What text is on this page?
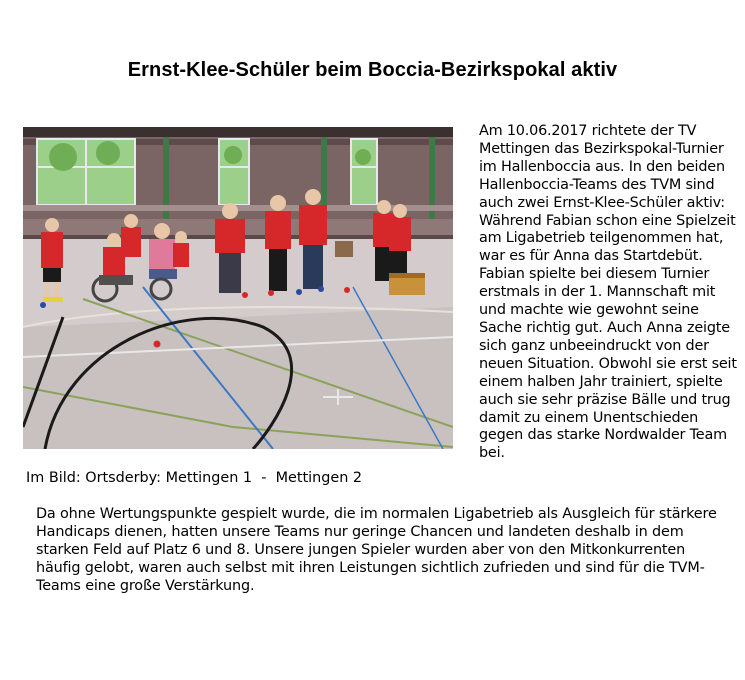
Ernst-Klee-Schüler beim Boccia-Bezirkspokal aktiv
Am 10.06.2017 richtete der TV Mettingen das Bezirkspokal-Turnier im Hallenboccia aus. In den beiden Hallenboccia-Teams des TVM sind auch zwei Ernst-Klee-Schüler aktiv: Während Fabian schon eine Spielzeit am Ligabetrieb teilgenommen hat, war es für Anna das Startdebüt. Fabian spielte bei diesem Turnier erstmals in der 1. Mannschaft mit und machte wie gewohnt seine Sache richtig gut. Auch Anna zeigte sich ganz unbeeindruckt von der neuen Situation. Obwohl sie erst seit einem halben Jahr trainiert, spielte auch sie sehr präzise Bälle und trug damit zu einem Unentschieden gegen das starke Nordwalder Team bei.
Im Bild: Ortsderby: Mettingen 1  -  Mettingen 2
Da ohne Wertungspunkte gespielt wurde, die im normalen Ligabetrieb als Ausgleich für stärkere Handicaps dienen, hatten unsere Teams nur geringe Chancen und landeten deshalb in dem starken Feld auf Platz 6 und 8. Unsere jungen Spieler wurden aber von den Mitkonkurrenten häufig gelobt, waren auch selbst mit ihren Leistungen sichtlich zufrieden und sind für die TVM-Teams eine große Verstärkung.
